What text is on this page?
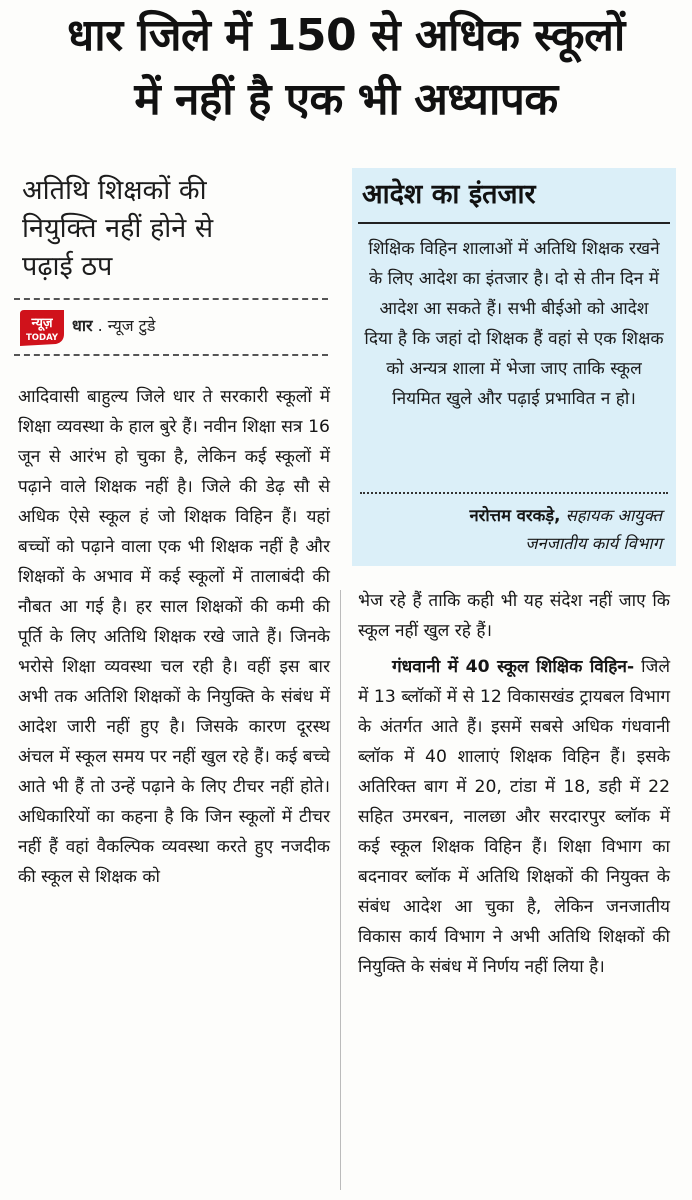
धार जिले में 150 से अधिक स्कूलों
में नहीं है एक भी अध्यापक
अतिथि शिक्षकों की
नियुक्ति नहीं होने से
पढ़ाई ठप
न्यूज़
TODAY
धार . न्यूज टुडे

आदिवासी बाहुल्य जिले धार ते सरकारी स्कूलों में शिक्षा व्यवस्था के हाल बुरे हैं। नवीन शिक्षा सत्र 16 जून से आरंभ हो चुका है, लेकिन कई स्कूलों में पढ़ाने वाले शिक्षक नहीं है। जिले की डेढ़ सौ से अधिक ऐसे स्कूल हं जो शिक्षक विहिन हैं। यहां बच्चों को पढ़ाने वाला एक भी शिक्षक नहीं है और शिक्षकों के अभाव में कई स्कूलों में तालाबंदी की नौबत आ गई है। हर साल शिक्षकों की कमी की पूर्ति के लिए अतिथि शिक्षक रखे जाते हैं। जिनके भरोसे शिक्षा व्यवस्था चल रही है। वहीं इस बार अभी तक अतिशि शिक्षकों के नियुक्ति के संबंध में आदेश जारी नहीं हुए है। जिसके कारण दूरस्थ अंचल में स्कूल समय पर नहीं खुल रहे हैं। कई बच्चे आते भी हैं तो उन्हें पढ़ाने के लिए टीचर नहीं होते। अधिकारियों का कहना है कि जिन स्कूलों में टीचर नहीं हैं वहां वैकल्पिक व्यवस्था करते हुए नजदीक की स्कूल से शिक्षक को

आदेश का इंतजार
शिक्षिक विहिन शालाओं में अतिथि शिक्षक रखने के लिए आदेश का इंतजार है। दो से तीन दिन में आदेश आ सकते हैं। सभी बीईओ को आदेश दिया है कि जहां दो शिक्षक हैं वहां से एक शिक्षक को अन्यत्र शाला में भेजा जाए ताकि स्कूल नियमित खुले और पढ़ाई प्रभावित न हो।
नरोत्तम वरकड़े, सहायक आयुक्त
जनजातीय कार्य विभाग

भेज रहे हैं ताकि कही भी यह संदेश नहीं जाए कि स्कूल नहीं खुल रहे हैं।

गंधवानी में 40 स्कूल शिक्षिक विहिन- जिले में 13 ब्लॉकों में से 12 विकासखंड ट्रायबल विभाग के अंतर्गत आते हैं। इसमें सबसे अधिक गंधवानी ब्लॉक में 40 शालाएं शिक्षक विहिन हैं। इसके अतिरिक्त बाग में 20, टांडा में 18, डही में 22 सहित उमरबन, नालछा और सरदारपुर ब्लॉक में कई स्कूल शिक्षक विहिन हैं। शिक्षा विभाग का बदनावर ब्लॉक में अतिथि शिक्षकों की नियुक्त के संबंध आदेश आ चुका है, लेकिन जनजातीय विकास कार्य विभाग ने अभी अतिथि शिक्षकों की नियुक्ति के संबंध में निर्णय नहीं लिया है।
